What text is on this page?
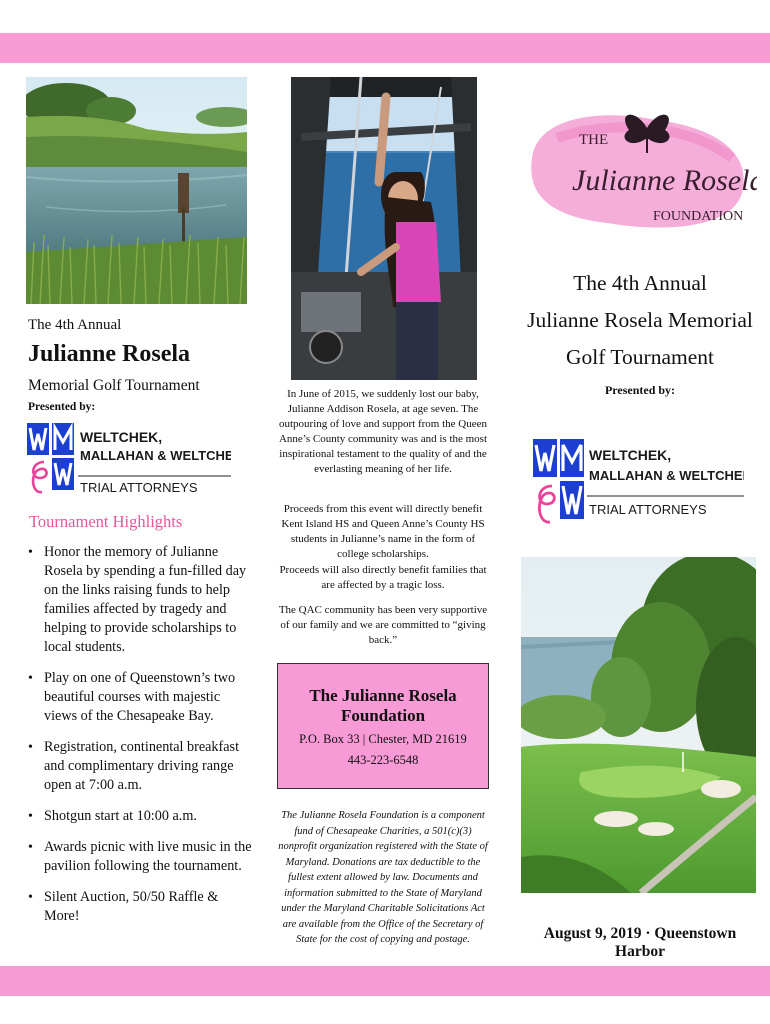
The 4th Annual
Julianne Rosela
Memorial Golf Tournament
Presented by:
WELTCHEK,
MALLAHAN & WELTCHEK
TRIAL ATTORNEYS
Tournament Highlights
• Honor the memory of Julianne Rosela by spending a fun-filled day on the links raising funds to help families affected by tragedy and helping to provide scholarships to local students.
• Play on one of Queenstown’s two beautiful courses with majestic views of the Chesapeake Bay.
• Registration, continental breakfast and complimentary driving range open at 7:00 a.m.
• Shotgun start at 10:00 a.m.
• Awards picnic with live music in the pavilion following the tournament.
• Silent Auction, 50/50 Raffle & More!

In June of 2015, we suddenly lost our baby, Julianne Addison Rosela, at age seven. The outpouring of love and support from the Queen Anne’s County community was and is the most inspirational testament to the quality of and the everlasting meaning of her life.

Proceeds from this event will directly benefit Kent Island HS and Queen Anne’s County HS students in Julianne’s name in the form of college scholarships.

Proceeds will also directly benefit families that are affected by a tragic loss.

The QAC community has been very supportive of our family and we are committed to “giving back.”

The Julianne Rosela Foundation
P.O. Box 33 | Chester, MD 21619
443-223-6548
The Julianne Rosela Foundation is a component fund of Chesapeake Charities, a 501(c)(3) nonprofit organization registered with the State of Maryland. Donations are tax deductible to the fullest extent allowed by law. Documents and information submitted to the State of Maryland under the Maryland Charitable Solicitations Act are available from the Office of the Secretary of State for the cost of copying and postage.
THE
Julianne Rosela
FOUNDATION
The 4th Annual
Julianne Rosela Memorial
Golf Tournament
Presented by:
WELTCHEK,
MALLAHAN & WELTCHEK
TRIAL ATTORNEYS
August 9, 2019 · Queenstown Harbor
